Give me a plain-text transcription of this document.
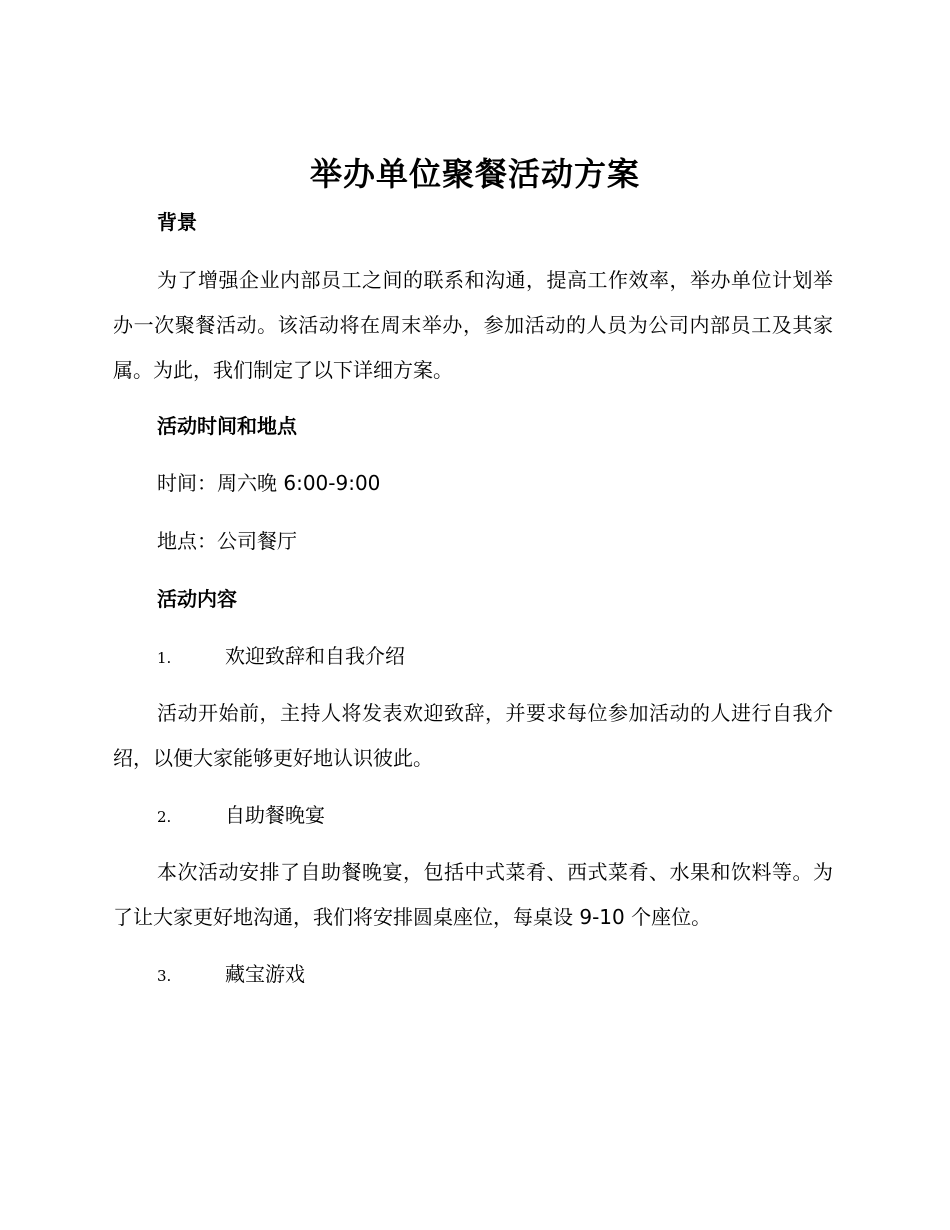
举办单位聚餐活动方案
背景

为了增强企业内部员工之间的联系和沟通，提高工作效率，举办单位计划举办一次聚餐活动。该活动将在周末举办，参加活动的人员为公司内部员工及其家属。为此，我们制定了以下详细方案。

活动时间和地点
时间：周六晚 6:00-9:00
地点：公司餐厅
活动内容
1.	欢迎致辞和自我介绍

活动开始前，主持人将发表欢迎致辞，并要求每位参加活动的人进行自我介绍，以便大家能够更好地认识彼此。

2.	自助餐晚宴

本次活动安排了自助餐晚宴，包括中式菜肴、西式菜肴、水果和饮料等。为了让大家更好地沟通，我们将安排圆桌座位，每桌设 9-10 个座位。

3.	藏宝游戏
